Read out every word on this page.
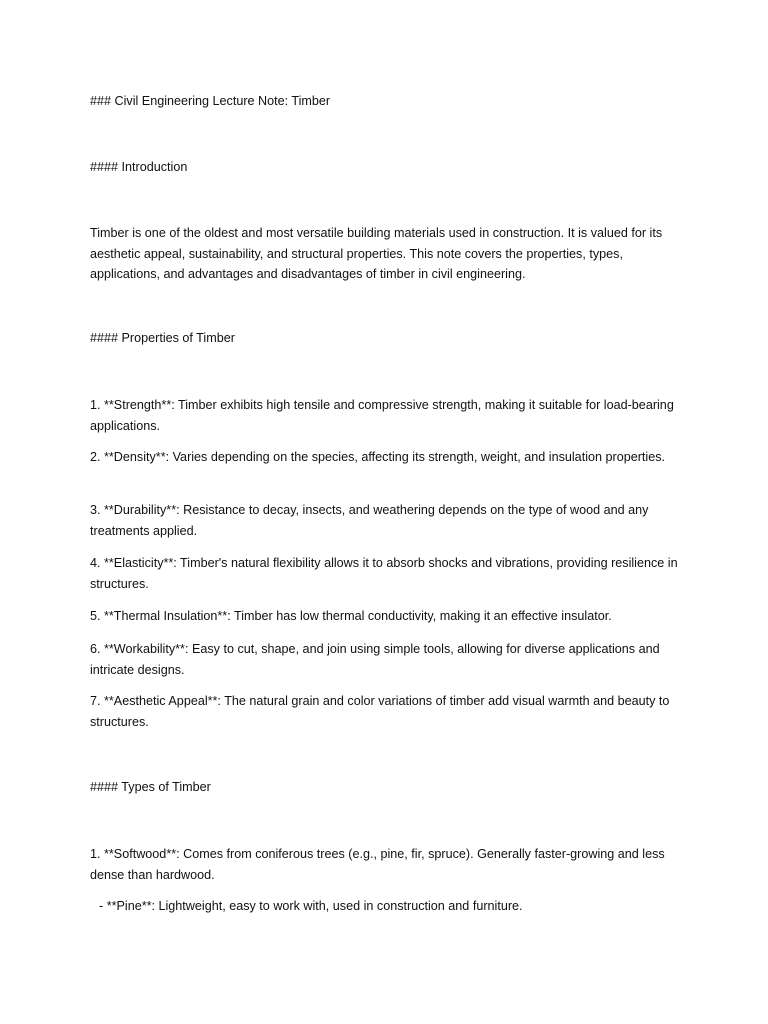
### Civil Engineering Lecture Note: Timber

#### Introduction

Timber is one of the oldest and most versatile building materials used in construction. It is valued for its aesthetic appeal, sustainability, and structural properties. This note covers the properties, types, applications, and advantages and disadvantages of timber in civil engineering.

#### Properties of Timber

1. **Strength**: Timber exhibits high tensile and compressive strength, making it suitable for load-bearing applications.

2. **Density**: Varies depending on the species, affecting its strength, weight, and insulation properties.

3. **Durability**: Resistance to decay, insects, and weathering depends on the type of wood and any treatments applied.

4. **Elasticity**: Timber's natural flexibility allows it to absorb shocks and vibrations, providing resilience in structures.

5. **Thermal Insulation**: Timber has low thermal conductivity, making it an effective insulator.

6. **Workability**: Easy to cut, shape, and join using simple tools, allowing for diverse applications and intricate designs.

7. **Aesthetic Appeal**: The natural grain and color variations of timber add visual warmth and beauty to structures.

#### Types of Timber

1. **Softwood**: Comes from coniferous trees (e.g., pine, fir, spruce). Generally faster-growing and less dense than hardwood.

- **Pine**: Lightweight, easy to work with, used in construction and furniture.
